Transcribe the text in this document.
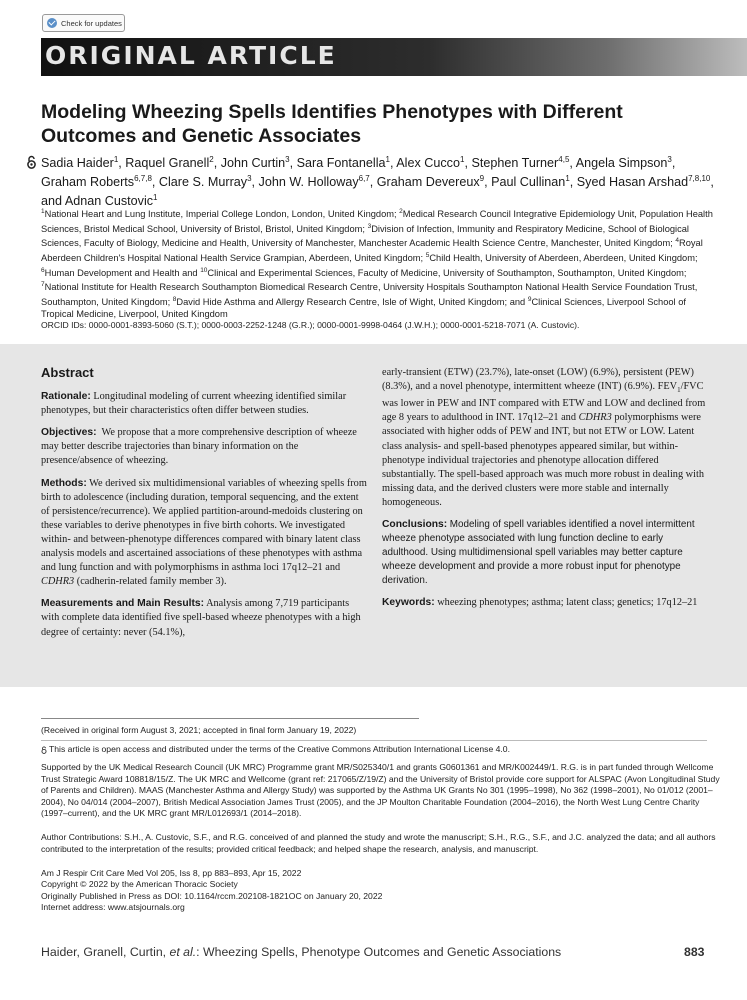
Check for updates
ORIGINAL ARTICLE
Modeling Wheezing Spells Identifies Phenotypes with Different Outcomes and Genetic Associates
Sadia Haider$^1$, Raquel Granell$^2$, John Curtin$^3$, Sara Fontanella$^1$, Alex Cucco$^1$, Stephen Turner$^{4,5}$, Angela Simpson$^3$, Graham Roberts$^{6,7,8}$, Clare S. Murray$^3$, John W. Holloway$^{6,7}$, Graham Devereux$^9$, Paul Cullinan$^1$, Syed Hasan Arshad$^{7,8,10}$, and Adnan Custovic$^1$
$^1$National Heart and Lung Institute, Imperial College London, London, United Kingdom; $^2$Medical Research Council Integrative Epidemiology Unit, Population Health Sciences, Bristol Medical School, University of Bristol, Bristol, United Kingdom; $^3$Division of Infection, Immunity and Respiratory Medicine, School of Biological Sciences, Faculty of Biology, Medicine and Health, University of Manchester, Manchester Academic Health Science Centre, Manchester, United Kingdom; $^4$Royal Aberdeen Children's Hospital National Health Service Grampian, Aberdeen, United Kingdom; $^5$Child Health, University of Aberdeen, Aberdeen, United Kingdom; $^6$Human Development and Health and $^{10}$Clinical and Experimental Sciences, Faculty of Medicine, University of Southampton, Southampton, United Kingdom; $^7$National Institute for Health Research Southampton Biomedical Research Centre, University Hospitals Southampton National Health Service Foundation Trust, Southampton, United Kingdom; $^8$David Hide Asthma and Allergy Research Centre, Isle of Wight, United Kingdom; and $^9$Clinical Sciences, Liverpool School of Tropical Medicine, Liverpool, United Kingdom
ORCID IDs: 0000-0001-8393-5060 (S.T.); 0000-0003-2252-1248 (G.R.); 0000-0001-9998-0464 (J.W.H.); 0000-0001-5218-7071 (A. Custovic).
Abstract

Rationale: Longitudinal modeling of current wheezing identified similar phenotypes, but their characteristics often differ between studies.

Objectives: We propose that a more comprehensive description of wheeze may better describe trajectories than binary information on the presence/absence of wheezing.

Methods: We derived six multidimensional variables of wheezing spells from birth to adolescence (including duration, temporal sequencing, and the extent of persistence/recurrence). We applied partition-around-medoids clustering on these variables to derive phenotypes in five birth cohorts. We investigated within- and between-phenotype differences compared with binary latent class analysis models and ascertained associations of these phenotypes with asthma and lung function and with polymorphisms in asthma loci 17q12–21 and CDHR3 (cadherin-related family member 3).

Measurements and Main Results: Analysis among 7,719 participants with complete data identified five spell-based wheeze phenotypes with a high degree of certainty: never (54.1%),

early-transient (ETW) (23.7%), late-onset (LOW) (6.9%), persistent (PEW) (8.3%), and a novel phenotype, intermittent wheeze (INT) (6.9%). $FEV_1$/FVC was lower in PEW and INT compared with ETW and LOW and declined from age 8 years to adulthood in INT. 17q12–21 and CDHR3 polymorphisms were associated with higher odds of PEW and INT, but not ETW or LOW. Latent class analysis- and spell-based phenotypes appeared similar, but within-phenotype individual trajectories and phenotype allocation differed substantially. The spell-based approach was much more robust in dealing with missing data, and the derived clusters were more stable and internally homogeneous.

Conclusions: Modeling of spell variables identified a novel intermittent wheeze phenotype associated with lung function decline to early adulthood. Using multidimensional spell variables may better capture wheeze development and provide a more robust input for phenotype derivation.

Keywords: wheezing phenotypes; asthma; latent class; genetics; 17q12–21

(Received in original form August 3, 2021; accepted in final form January 19, 2022)
This article is open access and distributed under the terms of the Creative Commons Attribution International License 4.0.
Supported by the UK Medical Research Council (UK MRC) Programme grant MR/S025340/1 and grants G0601361 and MR/K002449/1. R.G. is in part funded through Wellcome Trust Strategic Award 108818/15/Z. The UK MRC and Wellcome (grant ref: 217065/Z/19/Z) and the University of Bristol provide core support for ALSPAC (Avon Longitudinal Study of Parents and Children). MAAS (Manchester Asthma and Allergy Study) was supported by the Asthma UK Grants No 301 (1995–1998), No 362 (1998–2001), No 01/012 (2001–2004), No 04/014 (2004–2007), British Medical Association James Trust (2005), and the JP Moulton Charitable Foundation (2004–2016), the North West Lung Centre Charity (1997–current), and the UK MRC grant MR/L012693/1 (2014–2018).
Author Contributions: S.H., A. Custovic, S.F., and R.G. conceived of and planned the study and wrote the manuscript; S.H., R.G., S.F., and J.C. analyzed the data; and all authors contributed to the interpretation of the results; provided critical feedback; and helped shape the research, analysis, and manuscript.
Am J Respir Crit Care Med Vol 205, Iss 8, pp 883–893, Apr 15, 2022
Copyright © 2022 by the American Thoracic Society
Originally Published in Press as DOI: 10.1164/rccm.202108-1821OC on January 20, 2022
Internet address: www.atsjournals.org
Haider, Granell, Curtin, et al.: Wheezing Spells, Phenotype Outcomes and Genetic Associations	883
